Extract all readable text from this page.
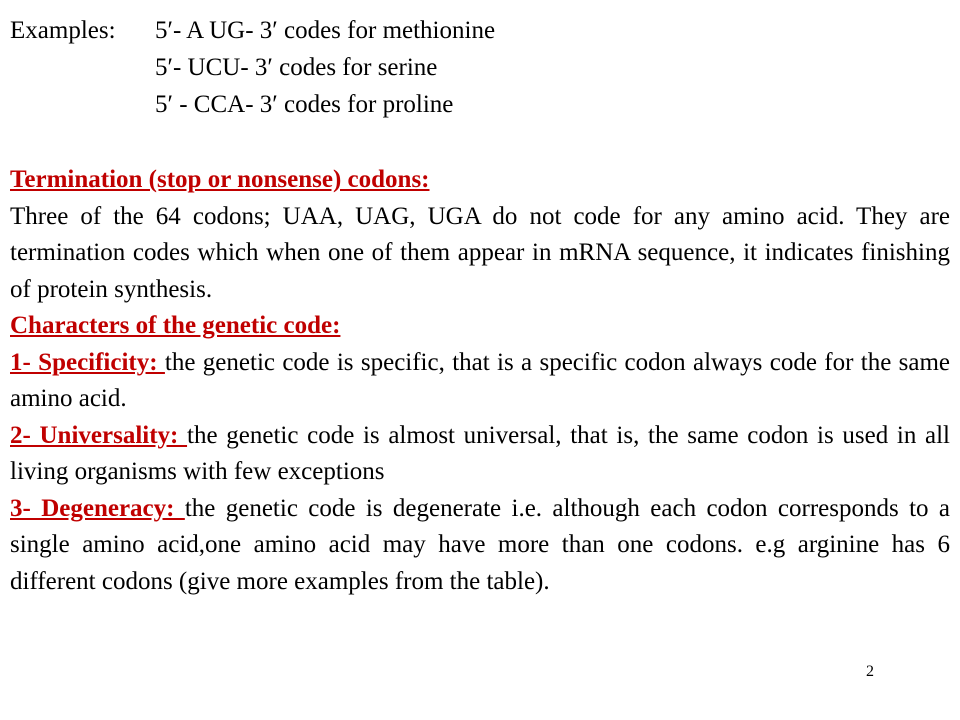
Examples: 5′- A UG- 3′ codes for methionine
5′- UCU- 3′ codes for serine
5′ - CCA- 3′ codes for proline
Termination (stop or nonsense) codons:

Three of the 64 codons; UAA, UAG, UGA do not code for any amino acid. They are termination codes which when one of them appear in mRNA sequence, it indicates finishing of protein synthesis.

Characters of the genetic code:

1- Specificity: the genetic code is specific, that is a specific codon always code for the same amino acid.

2- Universality: the genetic code is almost universal, that is, the same codon is used in all living organisms with few exceptions

3- Degeneracy: the genetic code is degenerate i.e. although each codon corresponds to a single amino acid,one amino acid may have more than one codons. e.g arginine has 6 different codons (give more examples from the table).

2
